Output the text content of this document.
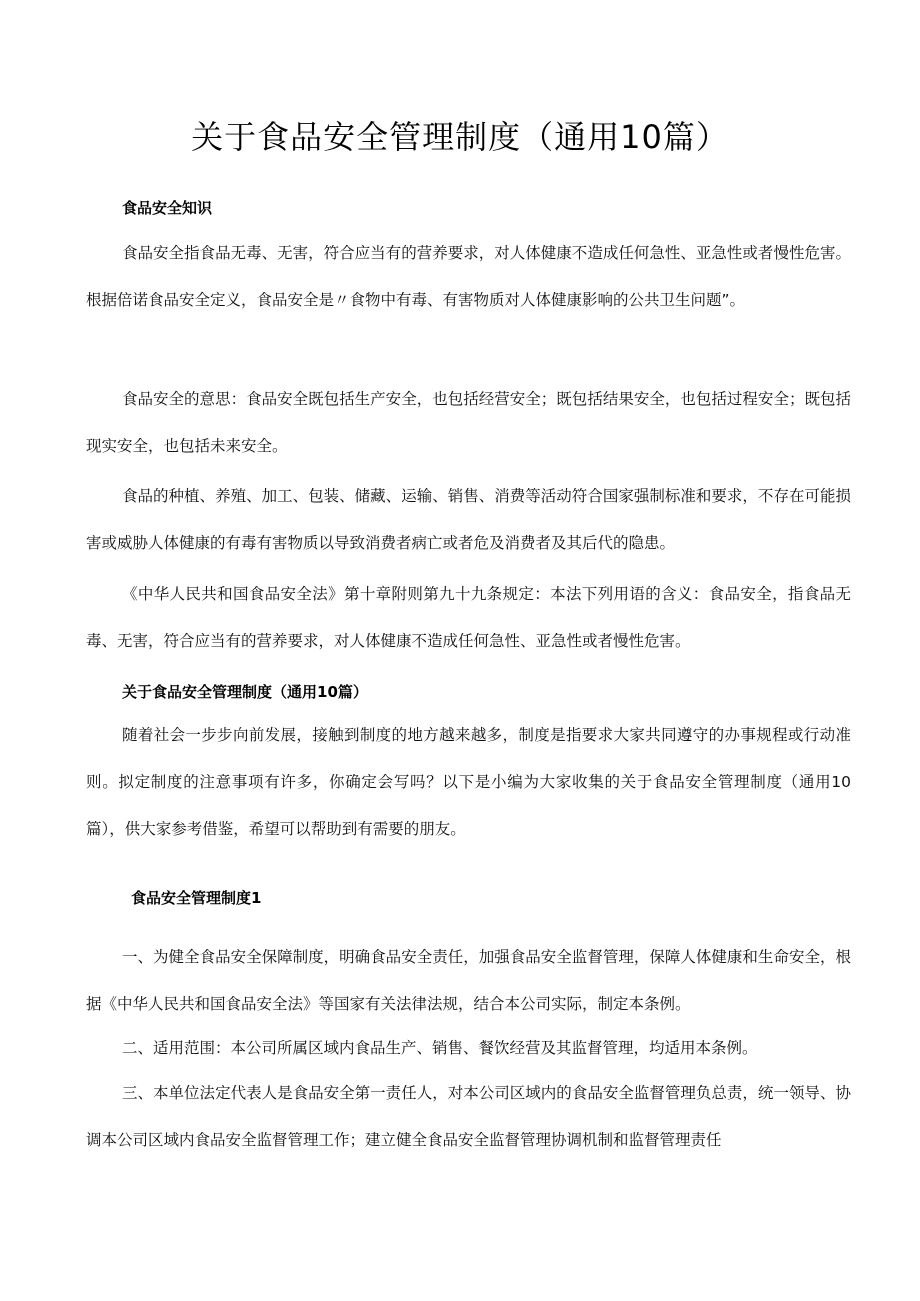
关于食品安全管理制度（通用10篇）
食品安全知识

食品安全指食品无毒、无害，符合应当有的营养要求，对人体健康不造成任何急性、亚急性或者慢性危害。根据倍诺食品安全定义，食品安全是〃食物中有毒、有害物质对人体健康影响的公共卫生问题”。

食品安全的意思：食品安全既包括生产安全，也包括经营安全；既包括结果安全，也包括过程安全；既包括现实安全，也包括未来安全。

食品的种植、养殖、加工、包装、储藏、运输、销售、消费等活动符合国家强制标准和要求，不存在可能损害或威胁人体健康的有毒有害物质以导致消费者病亡或者危及消费者及其后代的隐患。

《中华人民共和国食品安全法》第十章附则第九十九条规定：本法下列用语的含义：食品安全，指食品无毒、无害，符合应当有的营养要求，对人体健康不造成任何急性、亚急性或者慢性危害。

关于食品安全管理制度（通用10篇）

随着社会一步步向前发展，接触到制度的地方越来越多，制度是指要求大家共同遵守的办事规程或行动准则。拟定制度的注意事项有许多，你确定会写吗？以下是小编为大家收集的关于食品安全管理制度（通用10篇），供大家参考借鉴，希望可以帮助到有需要的朋友。

食品安全管理制度1

一、为健全食品安全保障制度，明确食品安全责任，加强食品安全监督管理，保障人体健康和生命安全，根据《中华人民共和国食品安全法》等国家有关法律法规，结合本公司实际，制定本条例。

二、适用范围：本公司所属区域内食品生产、销售、餐饮经营及其监督管理，均适用本条例。

三、本单位法定代表人是食品安全第一责任人，对本公司区域内的食品安全监督管理负总责，统一领导、协调本公司区域内食品安全监督管理工作；建立健全食品安全监督管理协调机制和监督管理责任
